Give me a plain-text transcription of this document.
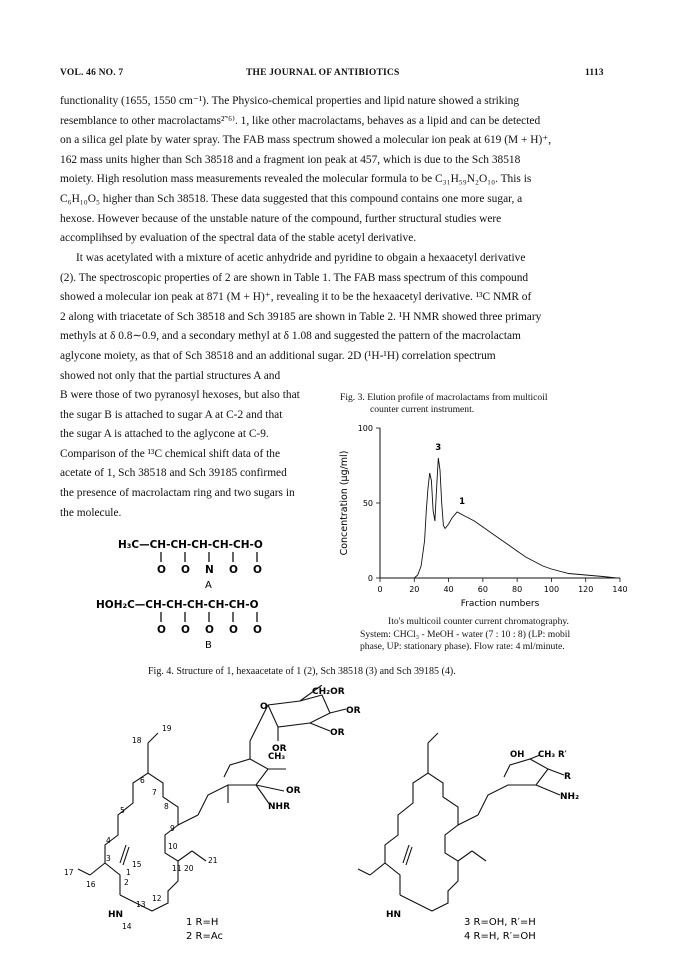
VOL. 46 NO. 7	THE JOURNAL OF ANTIBIOTICS	1113
functionality (1655, 1550 cm⁻¹). The Physico-chemical properties and lipid nature showed a striking
resemblance to other macrolactams²˜⁶⁾. 1, like other macrolactams, behaves as a lipid and can be detected
on a silica gel plate by water spray. The FAB mass spectrum showed a molecular ion peak at 619 (M + H)⁺,
162 mass units higher than Sch 38518 and a fragment ion peak at 457, which is due to the Sch 38518
moiety. High resolution mass measurements revealed the molecular formula to be C₃₁H₅₉N₂O₁₀. This is
C₆H₁₀O₅ higher than Sch 38518. These data suggested that this compound contains one more sugar, a
hexose. However because of the unstable nature of the compound, further structural studies were
accomplihsed by evaluation of the spectral data of the stable acetyl derivative.
It was acetylated with a mixture of acetic anhydride and pyridine to obgain a hexaacetyl derivative
(2). The spectroscopic properties of 2 are shown in Table 1. The FAB mass spectrum of this compound
showed a molecular ion peak at 871 (M + H)⁺, revealing it to be the hexaacetyl derivative. ¹³C NMR of
2 along with triacetate of Sch 38518 and Sch 39185 are shown in Table 2. ¹H NMR showed three primary
methyls at δ 0.8∼0.9, and a secondary methyl at δ 1.08 and suggested the pattern of the macrolactam
aglycone moiety, as that of Sch 38518 and an additional sugar. 2D (¹H-¹H) correlation spectrum
showed not only that the partial structures A and
B were those of two pyranosyl hexoses, but also that
the sugar B is attached to sugar A at C-2 and that
the sugar A is attached to the aglycone at C-9.
Comparison of the ¹³C chemical shift data of the
acetate of 1, Sch 38518 and Sch 39185 confirmed
the presence of macrolactam ring and two sugars in
the molecule.
H₃C—CH-CH-CH-CH-CH-O
O O N O O
A
HOH₂C—CH-CH-CH-CH-CH-O
O O O O O
B
Fig. 3. Elution profile of macrolactams from multicoil
counter current instrument.
0	20	40	60	80	100 120 140
0
50
100
Concentration (μg/ml)
Fraction numbers
3
1
Ito's multicoil counter current chromatography.
System: CHCl₃ - MeOH - water (7 : 10 : 8) (LP: mobil
phase, UP: stationary phase). Flow rate: 4 ml/minute.
Fig. 4. Structure of 1, hexaacetate of 1 (2), Sch 38518 (3) and Sch 39185 (4).
CH₂OR
OR
OR
OR
O
CH₃
OR
NHR
HN
OH CH₃ R′
R
NH₂
HN
2
3
4
5
6
7
8
9
10
11
12
13
14
15
16
17
18
19
20
21
1
1 R=H
2 R=Ac
3 R=OH, R′=H
4 R=H, R′=OH
